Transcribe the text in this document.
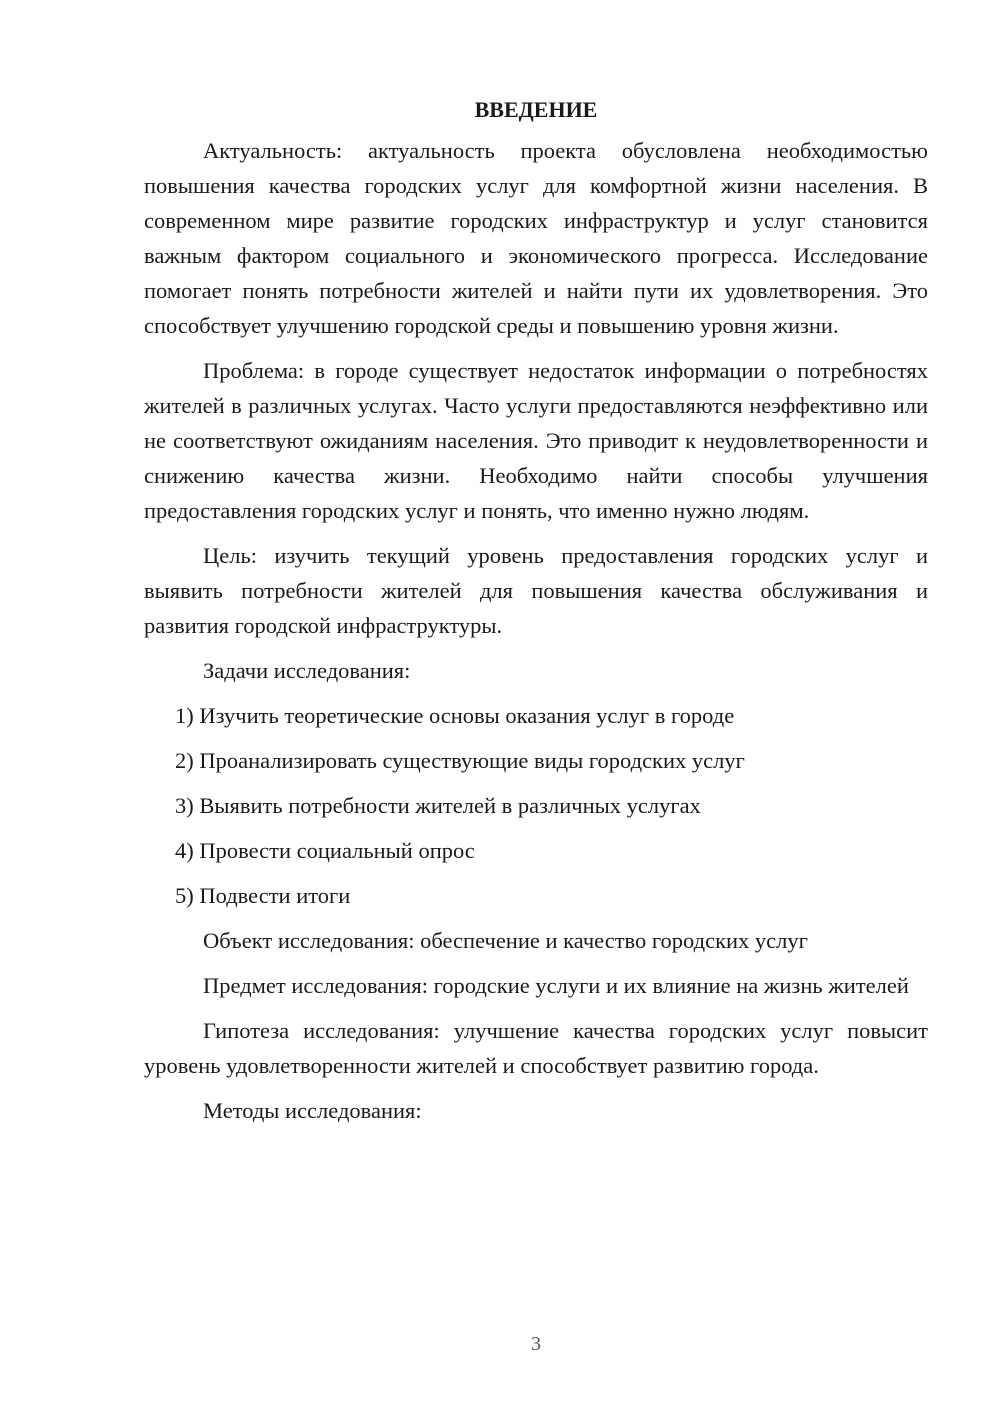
ВВЕДЕНИЕ

Актуальность: актуальность проекта обусловлена необходимостью повышения качества городских услуг для комфортной жизни населения. В современном мире развитие городских инфраструктур и услуг становится важным фактором социального и экономического прогресса. Исследование помогает понять потребности жителей и найти пути их удовлетворения. Это способствует улучшению городской среды и повышению уровня жизни.

Проблема: в городе существует недостаток информации о потребностях жителей в различных услугах. Часто услуги предоставляются неэффективно или не соответствуют ожиданиям населения. Это приводит к неудовлетворенности и снижению качества жизни. Необходимо найти способы улучшения предоставления городских услуг и понять, что именно нужно людям.

Цель: изучить текущий уровень предоставления городских услуг и выявить потребности жителей для повышения качества обслуживания и развития городской инфраструктуры.

Задачи исследования:

1) Изучить теоретические основы оказания услуг в городе

2) Проанализировать существующие виды городских услуг

3) Выявить потребности жителей в различных услугах

4) Провести социальный опрос

5) Подвести итоги

Объект исследования: обеспечение и качество городских услуг

Предмет исследования: городские услуги и их влияние на жизнь жителей

Гипотеза исследования: улучшение качества городских услуг повысит уровень удовлетворенности жителей и способствует развитию города.

Методы исследования:

3
